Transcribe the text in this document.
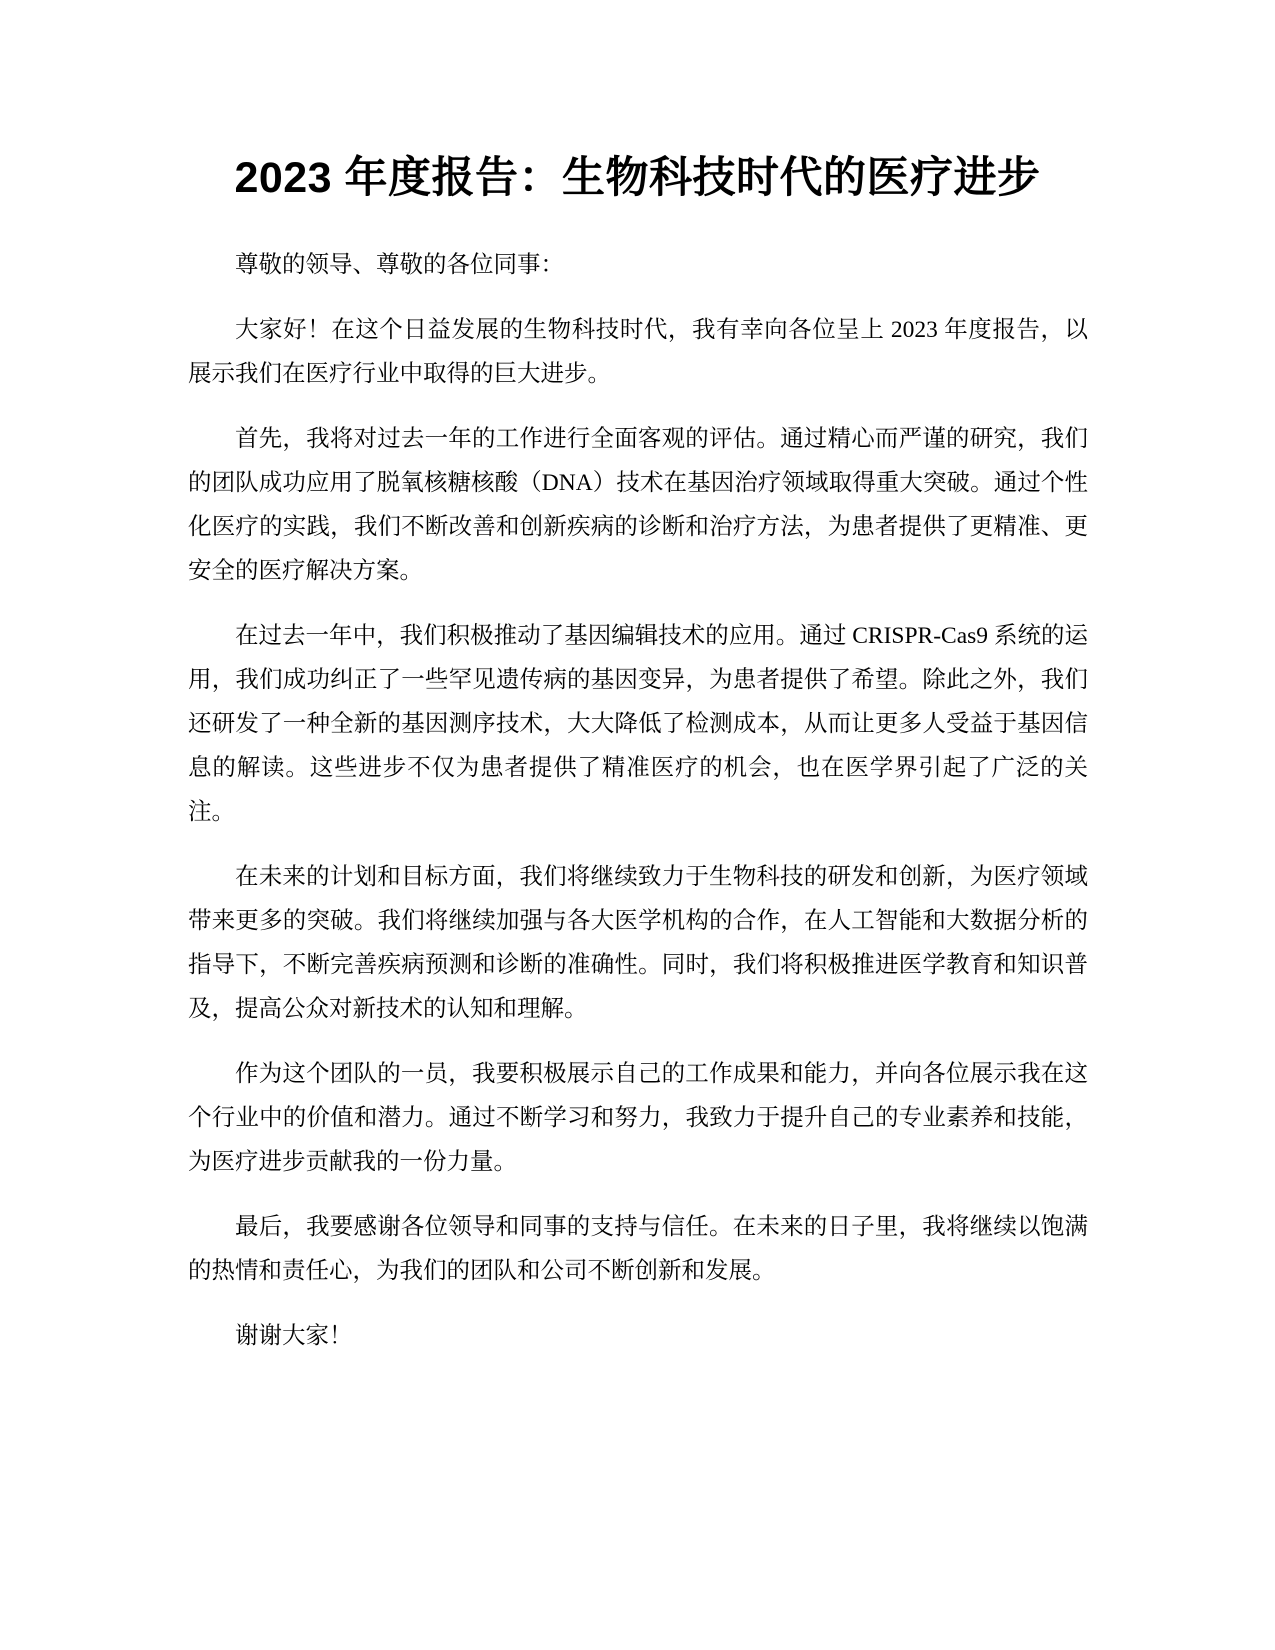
2023 年度报告：生物科技时代的医疗进步

尊敬的领导、尊敬的各位同事：

大家好！在这个日益发展的生物科技时代，我有幸向各位呈上 2023 年度报告，以展示我们在医疗行业中取得的巨大进步。

首先，我将对过去一年的工作进行全面客观的评估。通过精心而严谨的研究，我们的团队成功应用了脱氧核糖核酸（DNA）技术在基因治疗领域取得重大突破。通过个性化医疗的实践，我们不断改善和创新疾病的诊断和治疗方法，为患者提供了更精准、更安全的医疗解决方案。

在过去一年中，我们积极推动了基因编辑技术的应用。通过 CRISPR-Cas9 系统的运用，我们成功纠正了一些罕见遗传病的基因变异，为患者提供了希望。除此之外，我们还研发了一种全新的基因测序技术，大大降低了检测成本，从而让更多人受益于基因信息的解读。这些进步不仅为患者提供了精准医疗的机会，也在医学界引起了广泛的关注。

在未来的计划和目标方面，我们将继续致力于生物科技的研发和创新，为医疗领域带来更多的突破。我们将继续加强与各大医学机构的合作，在人工智能和大数据分析的指导下，不断完善疾病预测和诊断的准确性。同时，我们将积极推进医学教育和知识普及，提高公众对新技术的认知和理解。

作为这个团队的一员，我要积极展示自己的工作成果和能力，并向各位展示我在这个行业中的价值和潜力。通过不断学习和努力，我致力于提升自己的专业素养和技能，为医疗进步贡献我的一份力量。

最后，我要感谢各位领导和同事的支持与信任。在未来的日子里，我将继续以饱满的热情和责任心，为我们的团队和公司不断创新和发展。

谢谢大家！
